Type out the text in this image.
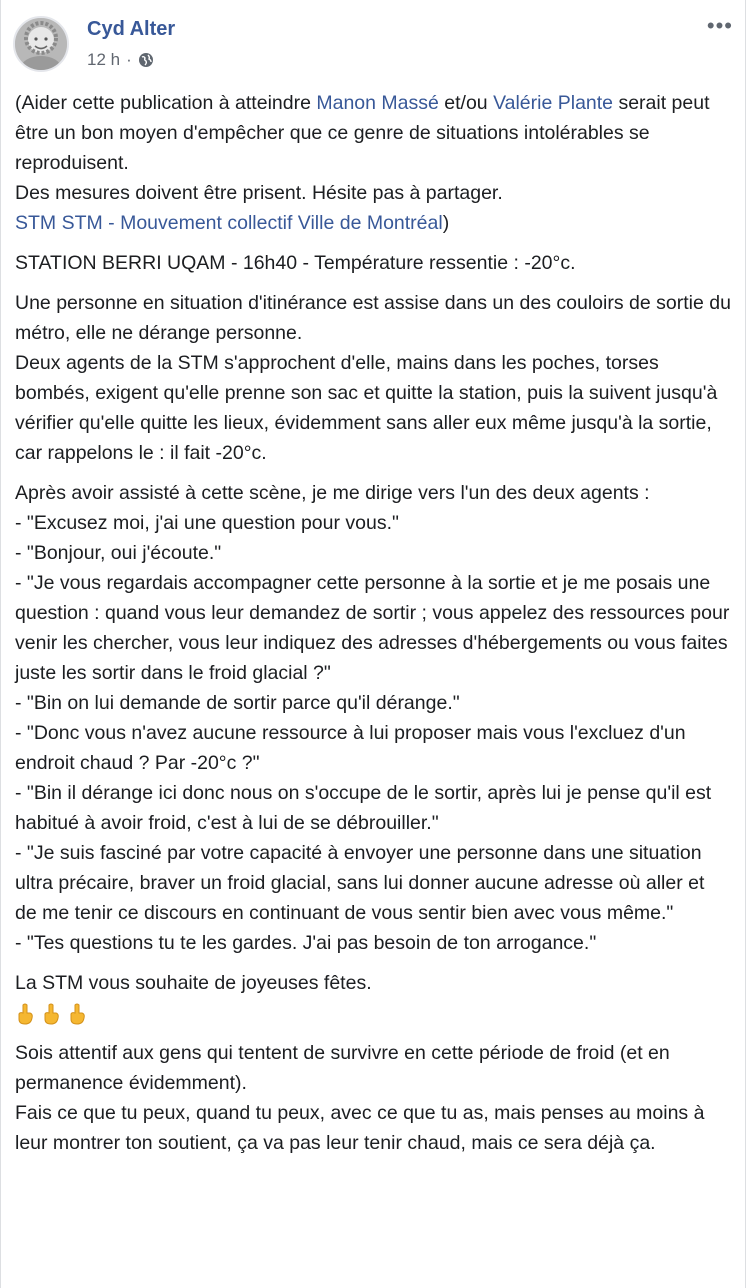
Cyd Alter
12 h ·
•••

(Aider cette publication à atteindre Manon Massé et/ou Valérie Plante serait peut être un bon moyen d'empêcher que ce genre de situations intolérables se reproduisent.
Des mesures doivent être prisent. Hésite pas à partager.
STM STM - Mouvement collectif Ville de Montréal)

STATION BERRI UQAM - 16h40 - Température ressentie : -20°c.

Une personne en situation d'itinérance est assise dans un des couloirs de sortie du métro, elle ne dérange personne.
Deux agents de la STM s'approchent d'elle, mains dans les poches, torses bombés, exigent qu'elle prenne son sac et quitte la station, puis la suivent jusqu'à vérifier qu'elle quitte les lieux, évidemment sans aller eux même jusqu'à la sortie, car rappelons le : il fait -20°c.

Après avoir assisté à cette scène, je me dirige vers l'un des deux agents :
- "Excusez moi, j'ai une question pour vous."
- "Bonjour, oui j'écoute."
- "Je vous regardais accompagner cette personne à la sortie et je me posais une question : quand vous leur demandez de sortir ; vous appelez des ressources pour venir les chercher, vous leur indiquez des adresses d'hébergements ou vous faites juste les sortir dans le froid glacial ?"
- "Bin on lui demande de sortir parce qu'il dérange."
- "Donc vous n'avez aucune ressource à lui proposer mais vous l'excluez d'un endroit chaud ? Par -20°c ?"
- "Bin il dérange ici donc nous on s'occupe de le sortir, après lui je pense qu'il est habitué à avoir froid, c'est à lui de se débrouiller."
- "Je suis fasciné par votre capacité à envoyer une personne dans une situation ultra précaire, braver un froid glacial, sans lui donner aucune adresse où aller et de me tenir ce discours en continuant de vous sentir bien avec vous même."
- "Tes questions tu te les gardes. J'ai pas besoin de ton arrogance."

La STM vous souhaite de joyeuses fêtes.

Sois attentif aux gens qui tentent de survivre en cette période de froid (et en permanence évidemment).
Fais ce que tu peux, quand tu peux, avec ce que tu as, mais penses au moins à leur montrer ton soutient, ça va pas leur tenir chaud, mais ce sera déjà ça.
